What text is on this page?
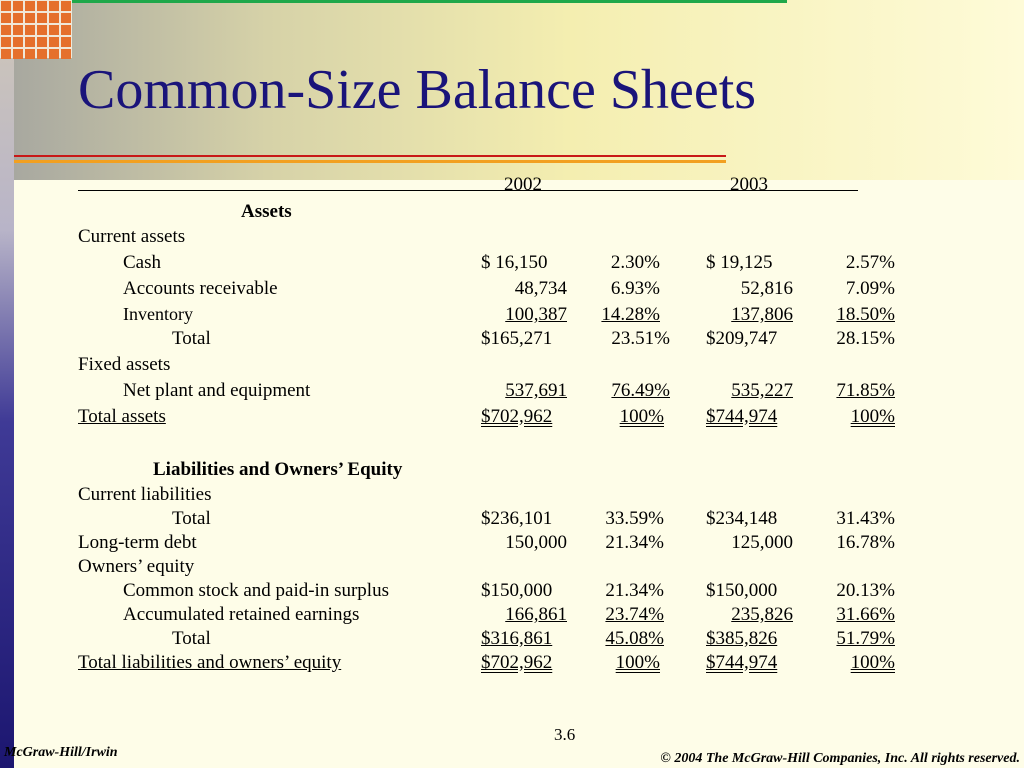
Common-Size Balance Sheets
2002	2003
Assets
Current assets
Cash	$ 16,150	2.30% $ 19,125	2.57%
Accounts receivable	48,734	6.93%	52,816	7.09%
Inventory	100,387	14.28%	137,806	18.50%
Total	$165,271	23.51% $209,747	28.15%
Fixed assets
Net plant and equipment	537,691	76.49%	535,227	71.85%
Total assets	$702,962	100% $744,974	100%
Liabilities and Owners’ Equity
Current liabilities
Total	$236,101	33.59% $234,148	31.43%
Long-term debt	150,000	21.34%	125,000	16.78%
Owners’ equity
Common stock and paid-in surplus	$150,000	21.34% $150,000	20.13%
Accumulated retained earnings	166,861	23.74%	235,826	31.66%
Total	$316,861	45.08% $385,826	51.79%
Total liabilities and owners’ equity	$702,962	100% $744,974	100%
3.6
McGraw-Hill/Irwin	© 2004 The McGraw-Hill Companies, Inc. All rights reserved.
